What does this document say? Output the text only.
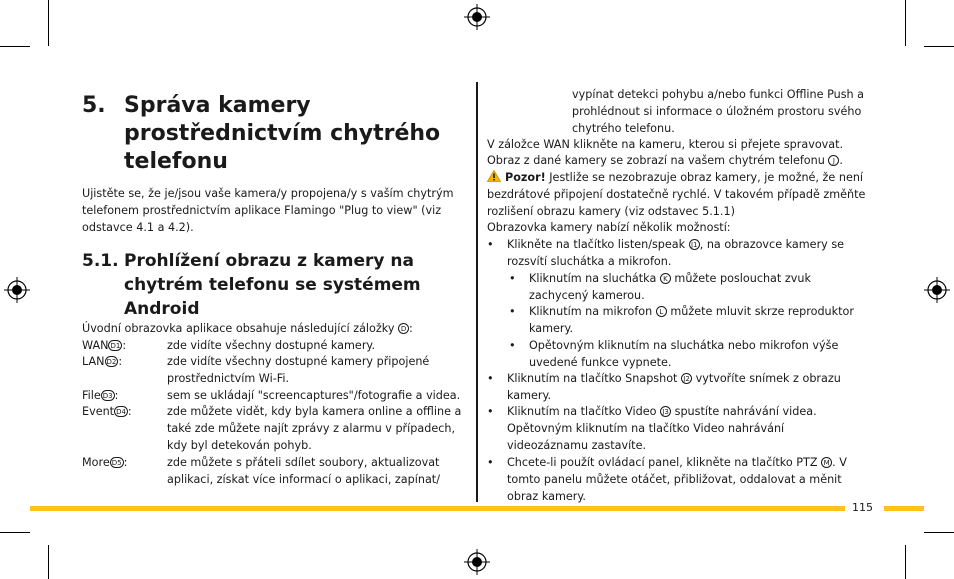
5. Správa kamery prostřednictvím chytrého telefonu
Ujistěte se, že je/jsou vaše kamera/y propojena/y s vaším chytrým telefonem prostřednictvím aplikace Flamingo "Plug to view" (viz odstavce 4.1 a 4.2).
5.1. Prohlížení obrazu z kamery na chytrém telefonu se systémem Android
Úvodní obrazovka aplikace obsahuje následující záložky D :
WAN D1 :	zde vidíte všechny dostupné kamery.
LAN D2 :	zde vidíte všechny dostupné kamery připojené prostřednictvím Wi-Fi.
File D3 :	sem se ukládají "screencaptures"/fotografie a videa.
Event D4 :	zde můžete vidět, kdy byla kamera online a offline a také zde můžete najít zprávy z alarmu v případech, kdy byl detekován pohyb.
More D5 :	zde můžete s přáteli sdílet soubory, aktualizovat aplikaci, získat více informací o aplikaci, zapínat/
vypínat detekci pohybu a/nebo funkci Offline Push a prohlédnout si informace o úložném prostoru svého chytrého telefonu.
V záložce WAN klikněte na kameru, kterou si přejete spravovat.
Obraz z dané kamery se zobrazí na vašem chytrém telefonu J .
Pozor! Jestliže se nezobrazuje obraz kamery, je možné, že není bezdrátové připojení dostatečně rychlé. V takovém případě změňte rozlišení obrazu kamery (viz odstavec 5.1.1)
Obrazovka kamery nabízí několik možností:
• Klikněte na tlačítko listen/speak J1 , na obrazovce kamery se rozsvítí sluchátka a mikrofon.
• Kliknutím na sluchátka K můžete poslouchat zvuk zachycený kamerou.
• Kliknutím na mikrofon L můžete mluvit skrze reproduktor kamery.
• Opětovným kliknutím na sluchátka nebo mikrofon výše uvedené funkce vypnete.
• Kliknutím na tlačítko Snapshot J2 vytvoříte snímek z obrazu kamery.
• Kliknutím na tlačítko Video J3 spustíte nahrávání videa. Opětovným kliknutím na tlačítko Video nahrávání videozáznamu zastavíte.
• Chcete-li použít ovládací panel, klikněte na tlačítko PTZ M . V tomto panelu můžete otáčet, přibližovat, oddalovat a měnit obraz kamery.
115
